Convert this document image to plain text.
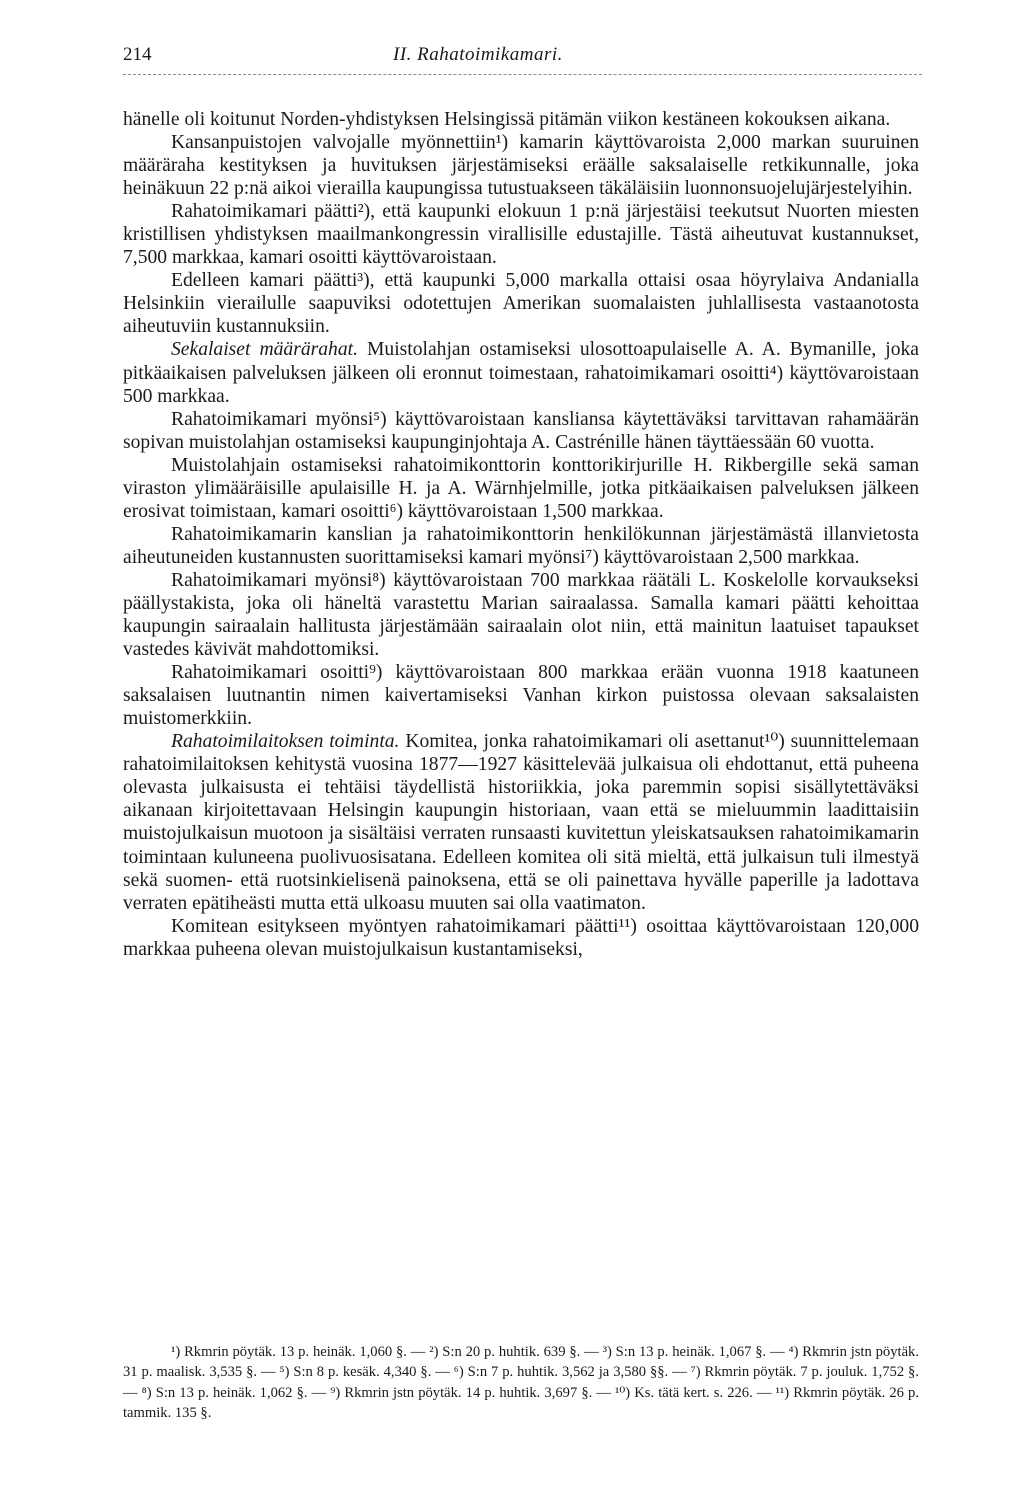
214	II. Rahatoimikamari.

hänelle oli koitunut Norden-yhdistyksen Helsingissä pitämän viikon kestäneen kokouksen aikana.

Kansanpuistojen valvojalle myönnettiin¹) kamarin käyttövaroista 2,000 markan suuruinen määräraha kestityksen ja huvituksen järjestämiseksi eräälle saksalaiselle retkikunnalle, joka heinäkuun 22 p:nä aikoi vierailla kaupungissa tutustuakseen täkäläisiin luonnonsuojelujärjestelyihin.

Rahatoimikamari päätti²), että kaupunki elokuun 1 p:nä järjestäisi teekutsut Nuorten miesten kristillisen yhdistyksen maailmankongressin virallisille edustajille. Tästä aiheutuvat kustannukset, 7,500 markkaa, kamari osoitti käyttövaroistaan.

Edelleen kamari päätti³), että kaupunki 5,000 markalla ottaisi osaa höyrylaiva Andanialla Helsinkiin vierailulle saapuviksi odotettujen Amerikan suomalaisten juhlallisesta vastaanotosta aiheutuviin kustannuksiin.

Sekalaiset määrärahat. Muistolahjan ostamiseksi ulosottoapulaiselle A. A. Bymanille, joka pitkäaikaisen palveluksen jälkeen oli eronnut toimestaan, rahatoimikamari osoitti⁴) käyttövaroistaan 500 markkaa.

Rahatoimikamari myönsi⁵) käyttövaroistaan kansliansa käytettäväksi tarvittavan rahamäärän sopivan muistolahjan ostamiseksi kaupunginjohtaja A. Castrénille hänen täyttäessään 60 vuotta.

Muistolahjain ostamiseksi rahatoimikonttorin konttorikirjurille H. Rikbergille sekä saman viraston ylimääräisille apulaisille H. ja A. Wärnhjelmille, jotka pitkäaikaisen palveluksen jälkeen erosivat toimistaan, kamari osoitti⁶) käyttövaroistaan 1,500 markkaa.

Rahatoimikamarin kanslian ja rahatoimikonttorin henkilökunnan järjestämästä illanvietosta aiheutuneiden kustannusten suorittamiseksi kamari myönsi⁷) käyttövaroistaan 2,500 markkaa.

Rahatoimikamari myönsi⁸) käyttövaroistaan 700 markkaa räätäli L. Koskelolle korvaukseksi päällystakista, joka oli häneltä varastettu Marian sairaalassa. Samalla kamari päätti kehoittaa kaupungin sairaalain hallitusta järjestämään sairaalain olot niin, että mainitun laatuiset tapaukset vastedes kävivät mahdottomiksi.

Rahatoimikamari osoitti⁹) käyttövaroistaan 800 markkaa erään vuonna 1918 kaatuneen saksalaisen luutnantin nimen kaivertamiseksi Vanhan kirkon puistossa olevaan saksalaisten muistomerkkiin.

Rahatoimilaitoksen toiminta. Komitea, jonka rahatoimikamari oli asettanut¹⁰) suunnittelemaan rahatoimilaitoksen kehitystä vuosina 1877—1927 käsittelevää julkaisua oli ehdottanut, että puheena olevasta julkaisusta ei tehtäisi täydellistä historiikkia, joka paremmin sopisi sisällytettäväksi aikanaan kirjoitettavaan Helsingin kaupungin historiaan, vaan että se mieluummin laadittaisiin muistojulkaisun muotoon ja sisältäisi verraten runsaasti kuvitettun yleiskatsauksen rahatoimikamarin toimintaan kuluneena puolivuosisatana. Edelleen komitea oli sitä mieltä, että julkaisun tuli ilmestyä sekä suomen- että ruotsinkielisenä painoksena, että se oli painettava hyvälle paperille ja ladottava verraten epätiheästi mutta että ulkoasu muuten sai olla vaatimaton.

Komitean esitykseen myöntyen rahatoimikamari päätti¹¹) osoittaa käyttövaroistaan 120,000 markkaa puheena olevan muistojulkaisun kustantamiseksi,

¹) Rkmrin pöytäk. 13 p. heinäk. 1,060 §. — ²) S:n 20 p. huhtik. 639 §. — ³) S:n 13 p. heinäk. 1,067 §. — ⁴) Rkmrin jstn pöytäk. 31 p. maalisk. 3,535 §. — ⁵) S:n 8 p. kesäk. 4,340 §. — ⁶) S:n 7 p. huhtik. 3,562 ja 3,580 §§. — ⁷) Rkmrin pöytäk. 7 p. jouluk. 1,752 §. — ⁸) S:n 13 p. heinäk. 1,062 §. — ⁹) Rkmrin jstn pöytäk. 14 p. huhtik. 3,697 §. — ¹⁰) Ks. tätä kert. s. 226. — ¹¹) Rkmrin pöytäk. 26 p. tammik. 135 §.
